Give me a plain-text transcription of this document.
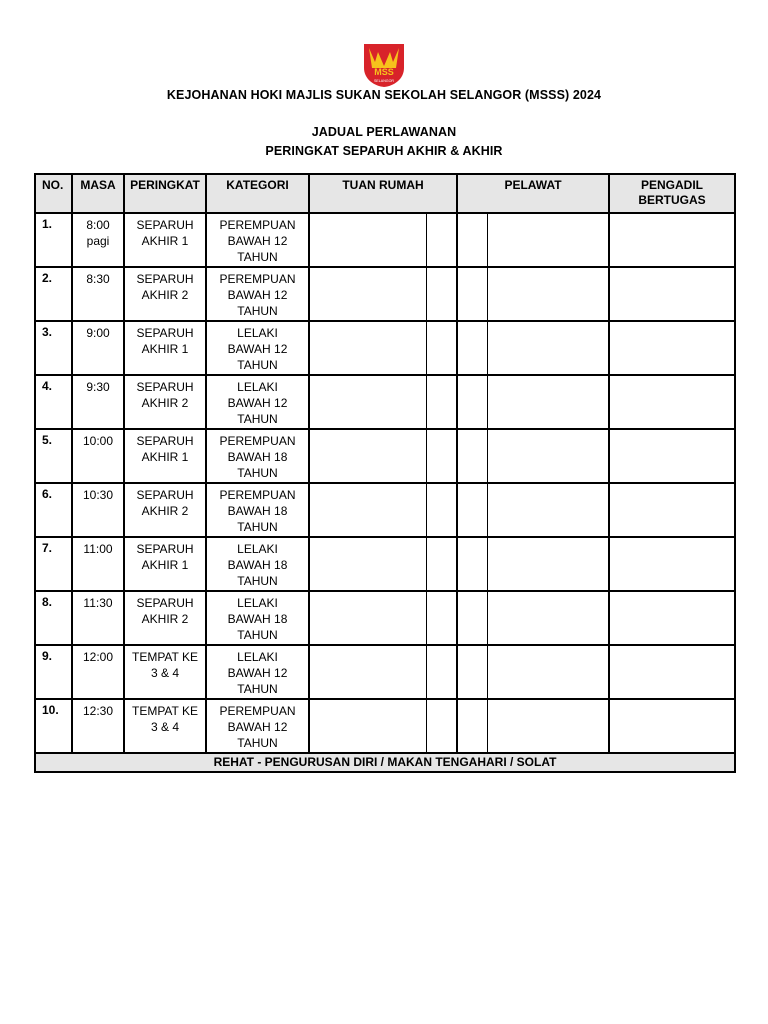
MSS
SELANGOR
KEJOHANAN HOKI MAJLIS SUKAN SEKOLAH SELANGOR (MSSS) 2024
JADUAL PERLAWANAN
PERINGKAT SEPARUH AKHIR & AKHIR
NO.	MASA	PERINGKAT	KATEGORI	TUAN RUMAH		PELAWAT		PENGADIL
BERTUGAS

1.	8:00
pagi	SEPARUH
AKHIR 1	PEREMPUAN
BAWAH 12
TAHUN					

2.	8:30	SEPARUH
AKHIR 2	PEREMPUAN
BAWAH 12
TAHUN					

3.	9:00	SEPARUH
AKHIR 1	LELAKI
BAWAH 12
TAHUN					

4.	9:30	SEPARUH
AKHIR 2	LELAKI
BAWAH 12
TAHUN					

5.	10:00	SEPARUH
AKHIR 1	PEREMPUAN
BAWAH 18
TAHUN					

6.	10:30	SEPARUH
AKHIR 2	PEREMPUAN
BAWAH 18
TAHUN					

7.	11:00	SEPARUH
AKHIR 1	LELAKI
BAWAH 18
TAHUN					

8.	11:30	SEPARUH
AKHIR 2	LELAKI
BAWAH 18
TAHUN					

9.	12:00	TEMPAT KE
3 & 4	LELAKI
BAWAH 12
TAHUN					

10.	12:30	TEMPAT KE
3 & 4	PEREMPUAN
BAWAH 12
TAHUN					

REHAT - PENGURUSAN DIRI / MAKAN TENGAHARI / SOLAT								
